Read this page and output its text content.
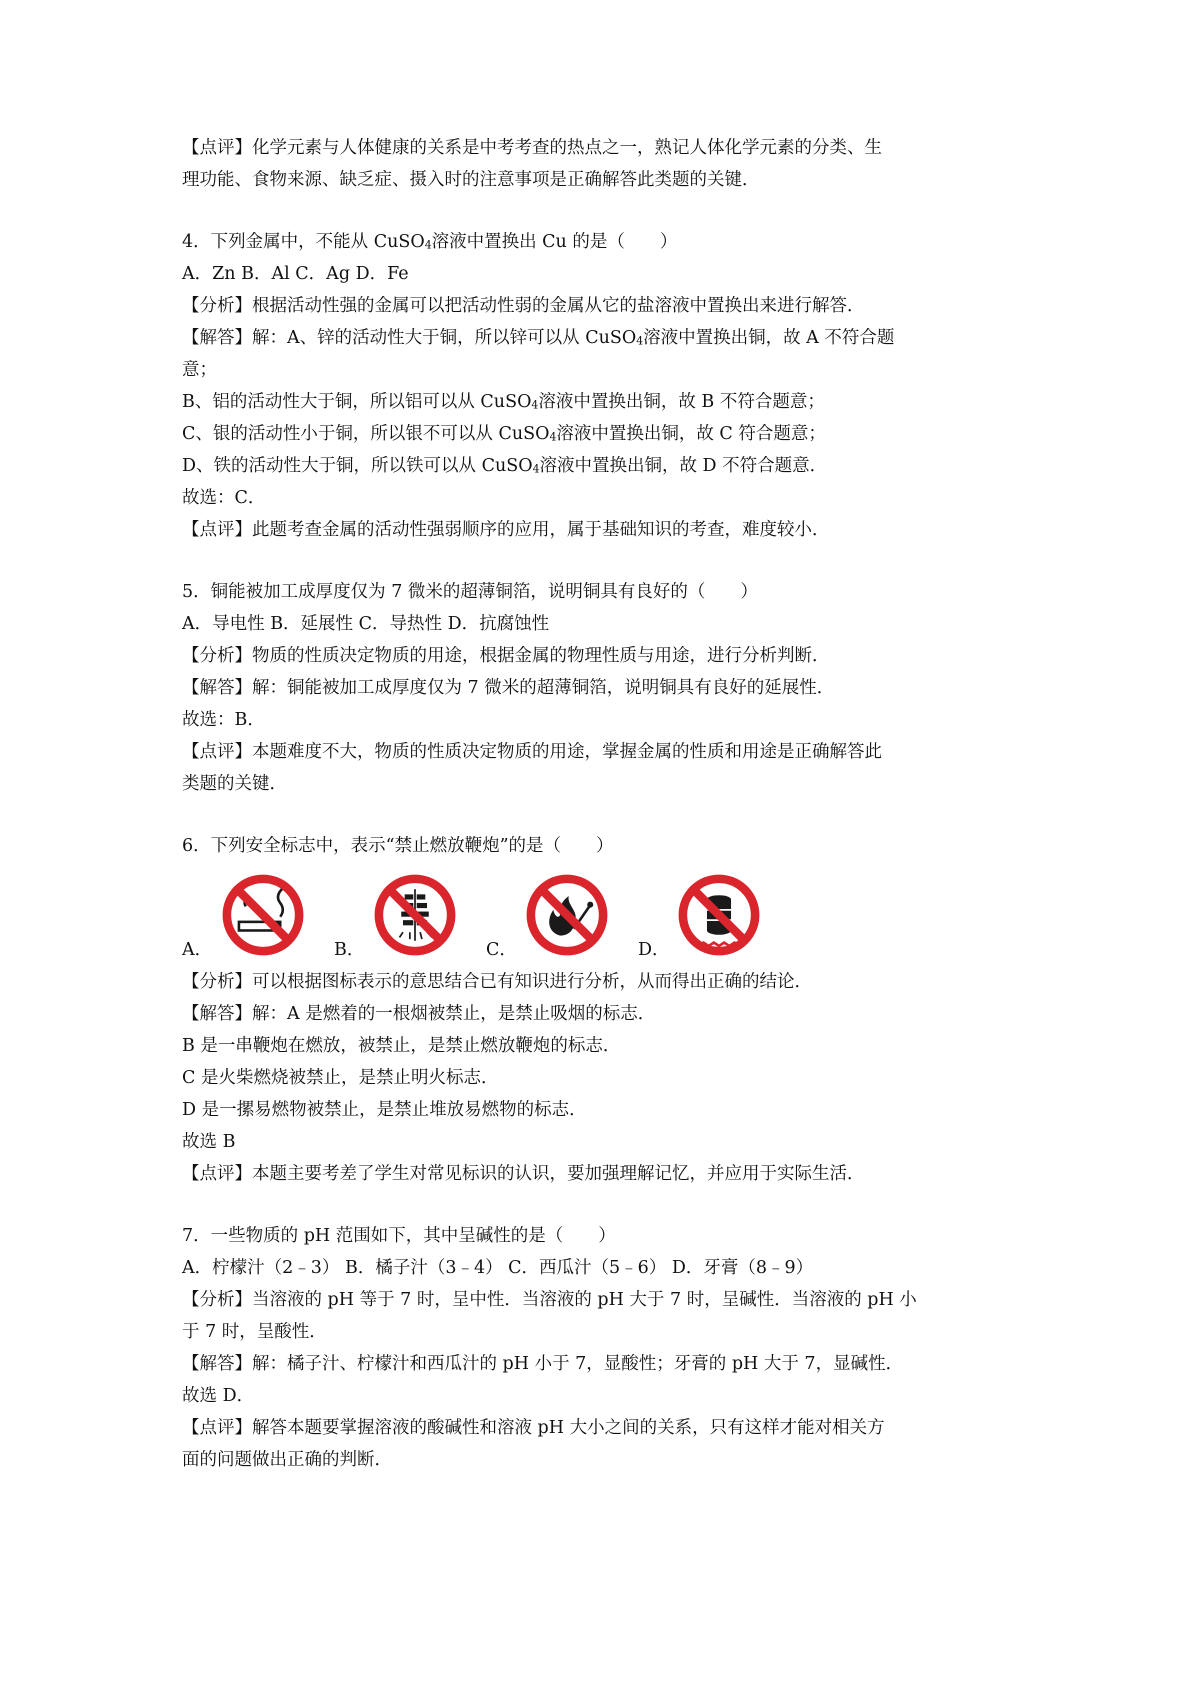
【点评】化学元素与人体健康的关系是中考考查的热点之一，熟记人体化学元素的分类、生
理功能、食物来源、缺乏症、摄入时的注意事项是正确解答此类题的关键．
4．下列金属中，不能从 CuSO$_4$溶液中置换出 Cu 的是（　　）
A．Zn B．Al C．Ag D．Fe
【分析】根据活动性强的金属可以把活动性弱的金属从它的盐溶液中置换出来进行解答．
【解答】解：A、锌的活动性大于铜，所以锌可以从 CuSO$_4$溶液中置换出铜，故 A 不符合题
意；
B、铝的活动性大于铜，所以铝可以从 CuSO$_4$溶液中置换出铜，故 B 不符合题意；
C、银的活动性小于铜，所以银不可以从 CuSO$_4$溶液中置换出铜，故 C 符合题意；
D、铁的活动性大于铜，所以铁可以从 CuSO$_4$溶液中置换出铜，故 D 不符合题意．
故选：C．
【点评】此题考查金属的活动性强弱顺序的应用，属于基础知识的考查，难度较小．
5．铜能被加工成厚度仅为 7 微米的超薄铜箔，说明铜具有良好的（　　）
A．导电性 B．延展性 C．导热性 D．抗腐蚀性
【分析】物质的性质决定物质的用途，根据金属的物理性质与用途，进行分析判断．
【解答】解：铜能被加工成厚度仅为 7 微米的超薄铜箔，说明铜具有良好的延展性．
故选：B．
【点评】本题难度不大，物质的性质决定物质的用途，掌握金属的性质和用途是正确解答此
类题的关键．
6．下列安全标志中，表示“禁止燃放鞭炮”的是（　　）
A．	B．	C．	D．
【分析】可以根据图标表示的意思结合已有知识进行分析，从而得出正确的结论．
【解答】解：A 是燃着的一根烟被禁止，是禁止吸烟的标志．
B 是一串鞭炮在燃放，被禁止，是禁止燃放鞭炮的标志．
C 是火柴燃烧被禁止，是禁止明火标志．
D 是一摞易燃物被禁止，是禁止堆放易燃物的标志．
故选 B
【点评】本题主要考差了学生对常见标识的认识，要加强理解记忆，并应用于实际生活．
7．一些物质的 pH 范围如下，其中呈碱性的是（　　）
A．柠檬汁（2﹣3） B．橘子汁（3﹣4） C．西瓜汁（5﹣6） D．牙膏（8﹣9）
【分析】当溶液的 pH 等于 7 时，呈中性．当溶液的 pH 大于 7 时，呈碱性．当溶液的 pH 小
于 7 时，呈酸性．
【解答】解：橘子汁、柠檬汁和西瓜汁的 pH 小于 7，显酸性；牙膏的 pH 大于 7，显碱性．
故选 D．
【点评】解答本题要掌握溶液的酸碱性和溶液 pH 大小之间的关系，只有这样才能对相关方
面的问题做出正确的判断．
